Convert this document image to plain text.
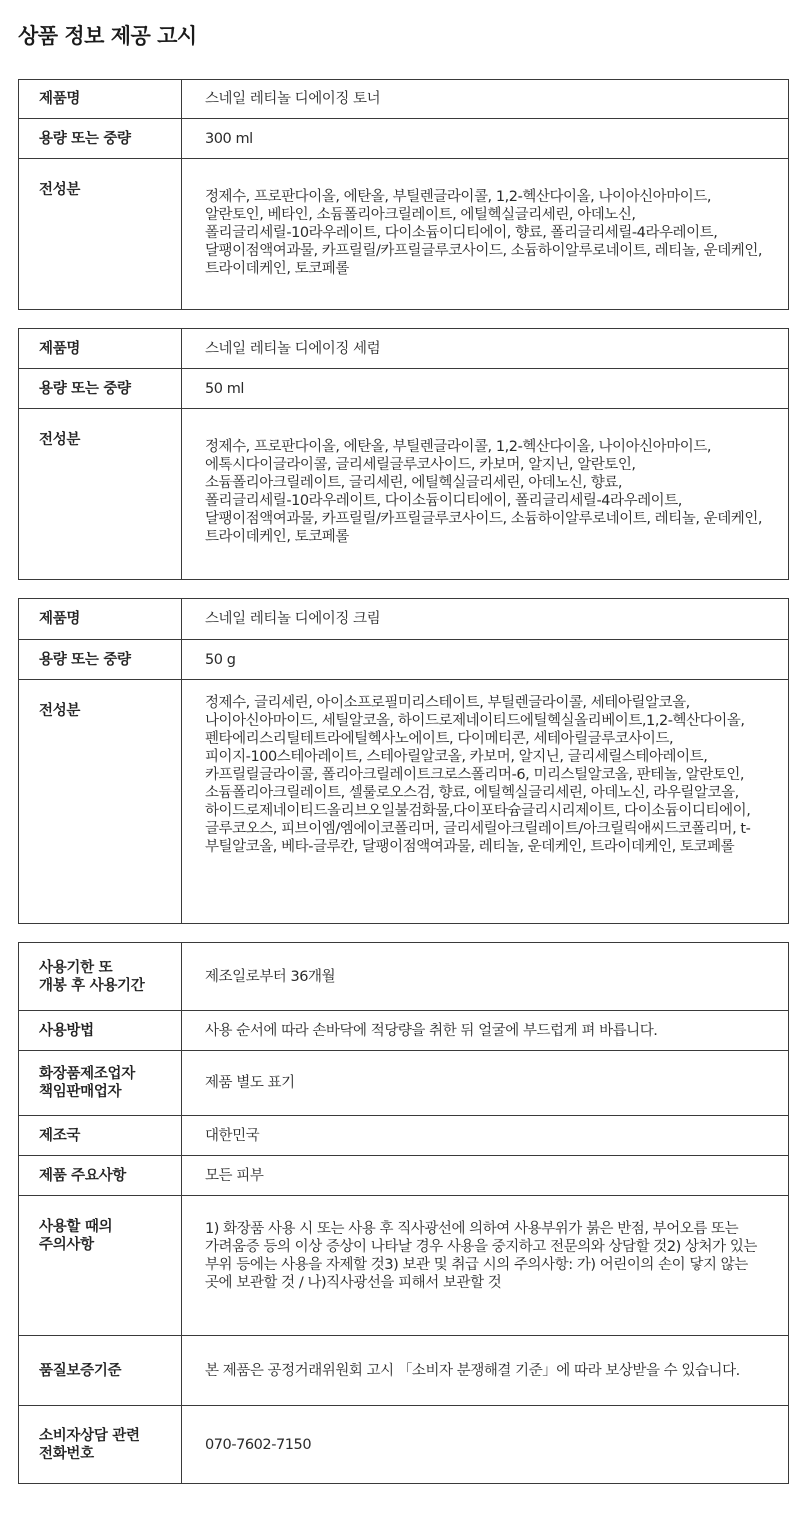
상품 정보 제공 고시
제품명	스네일 레티놀 디에이징 토너
용량 또는 중량	300 ml
전성분	정제수, 프로판다이올, 에탄올, 부틸렌글라이콜, 1,2-헥산다이올, 나이아신아마이드, 알란토인, 베타인, 소듐폴리아크릴레이트, 에틸헥실글리세린, 아데노신, 폴리글리세릴-10라우레이트, 다이소듐이디티에이, 향료, 폴리글리세릴-4라우레이트, 달팽이점액여과물, 카프릴릴/카프릴글루코사이드, 소듐하이알루로네이트, 레티놀, 운데케인, 트라이데케인, 토코페롤
제품명	스네일 레티놀 디에이징 세럼
용량 또는 중량	50 ml
전성분	정제수, 프로판다이올, 에탄올, 부틸렌글라이콜, 1,2-헥산다이올, 나이아신아마이드, 에톡시다이글라이콜, 글리세릴글루코사이드, 카보머, 알지닌, 알란토인, 소듐폴리아크릴레이트, 글리세린, 에틸헥실글리세린, 아데노신, 향료, 폴리글리세릴-10라우레이트, 다이소듐이디티에이, 폴리글리세릴-4라우레이트, 달팽이점액여과물, 카프릴릴/카프릴글루코사이드, 소듐하이알루로네이트, 레티놀, 운데케인, 트라이데케인, 토코페롤
제품명	스네일 레티놀 디에이징 크림
용량 또는 중량	50 g
전성분	정제수, 글리세린, 아이소프로필미리스테이트, 부틸렌글라이콜, 세테아릴알코올, 나이아신아마이드, 세틸알코올, 하이드로제네이티드에틸헥실올리베이트,1,2-헥산다이올, 펜타에리스리틸테트라에틸헥사노에이트, 다이메티콘, 세테아릴글루코사이드, 피이지-100스테아레이트, 스테아릴알코올, 카보머, 알지닌, 글리세릴스테아레이트, 카프릴릴글라이콜, 폴리아크릴레이트크로스폴리머-6, 미리스틸알코올, 판테놀, 알란토인, 소듐폴리아크릴레이트, 셀룰로오스검, 향료, 에틸헥실글리세린, 아데노신, 라우릴알코올, 하이드로제네이티드올리브오일불검화물,다이포타슘글리시리제이트, 다이소듐이디티에이, 글루코오스, 피브이엠/엠에이코폴리머, 글리세릴아크릴레이트/아크릴릭애씨드코폴리머, t-부틸알코올, 베타-글루칸, 달팽이점액여과물, 레티놀, 운데케인, 트라이데케인, 토코페롤
사용기한 또
개봉 후 사용기간	제조일로부터 36개월
사용방법	사용 순서에 따라 손바닥에 적당량을 취한 뒤 얼굴에 부드럽게 펴 바릅니다.

화장품제조업자
책임판매업자	제품 별도 표기
제조국	대한민국
제품 주요사항	모든 피부

사용할 때의
주의사항	1) 화장품 사용 시 또는 사용 후 직사광선에 의하여 사용부위가 붉은 반점, 부어오름 또는 가려움증 등의 이상 증상이 나타날 경우 사용을 중지하고 전문의와 상담할 것2) 상처가 있는 부위 등에는 사용을 자제할 것3) 보관 및 취급 시의 주의사항: 가) 어린이의 손이 닿지 않는 곳에 보관할 것 / 나)직사광선을 피해서 보관할 것
품질보증기준	본 제품은 공정거래위원회 고시 「소비자 분쟁해결 기준」에 따라 보상받을 수 있습니다.

소비자상담 관련
전화번호	070-7602-7150
